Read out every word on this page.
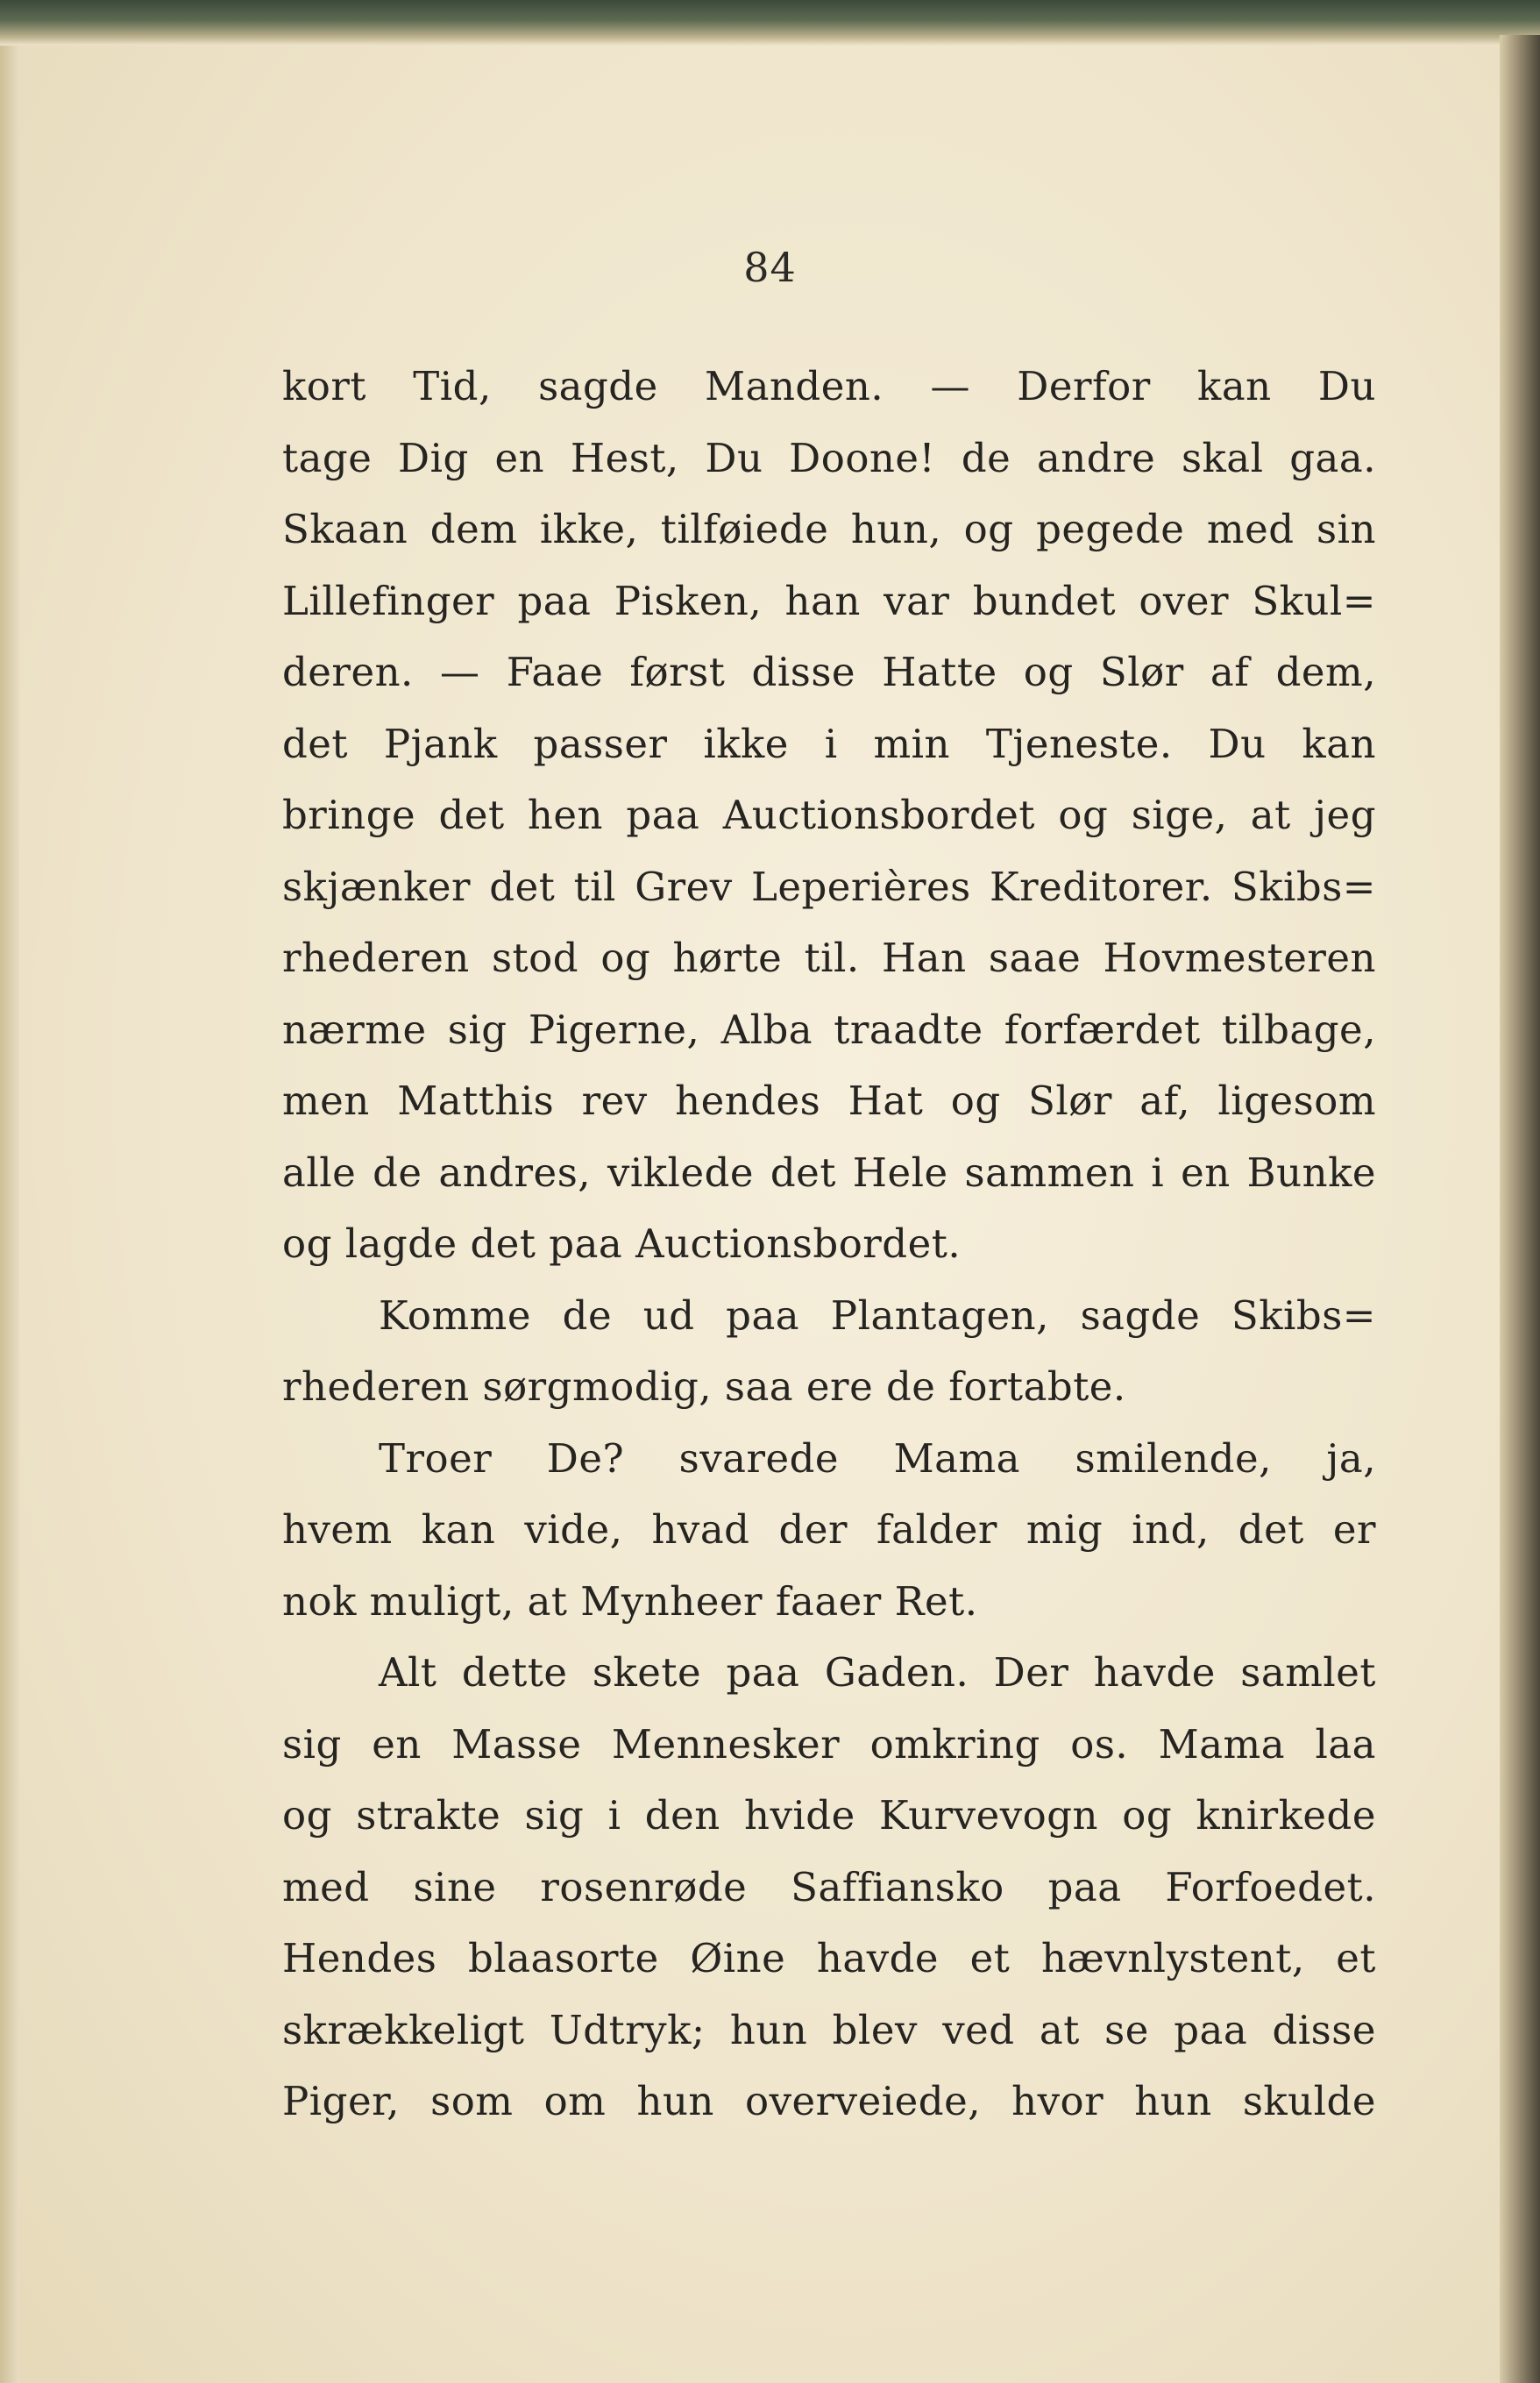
84
kort Tid, sagde Manden. — Derfor kan Du
tage Dig en Hest, Du Doone! de andre skal gaa.
Skaan dem ikke, tilføiede hun, og pegede med sin
Lillefinger paa Pisken, han var bundet over Skul=
deren. — Faae først disse Hatte og Slør af dem,
det Pjank passer ikke i min Tjeneste. Du kan
bringe det hen paa Auctionsbordet og sige, at jeg
skjænker det til Grev Leperières Kreditorer. Skibs=
rhederen stod og hørte til. Han saae Hovmesteren
nærme sig Pigerne, Alba traadte forfærdet tilbage,
men Matthis rev hendes Hat og Slør af, ligesom
alle de andres, viklede det Hele sammen i en Bunke
og lagde det paa Auctionsbordet.
Komme de ud paa Plantagen, sagde Skibs=
rhederen sørgmodig, saa ere de fortabte.
Troer De? svarede Mama smilende, ja,
hvem kan vide, hvad der falder mig ind, det er
nok muligt, at Mynheer faaer Ret.
Alt dette skete paa Gaden. Der havde samlet
sig en Masse Mennesker omkring os. Mama laa
og strakte sig i den hvide Kurvevogn og knirkede
med sine rosenrøde Saffiansko paa Forfoedet.
Hendes blaasorte Øine havde et hævnlystent, et
skrækkeligt Udtryk; hun blev ved at se paa disse
Piger, som om hun overveiede, hvor hun skulde
